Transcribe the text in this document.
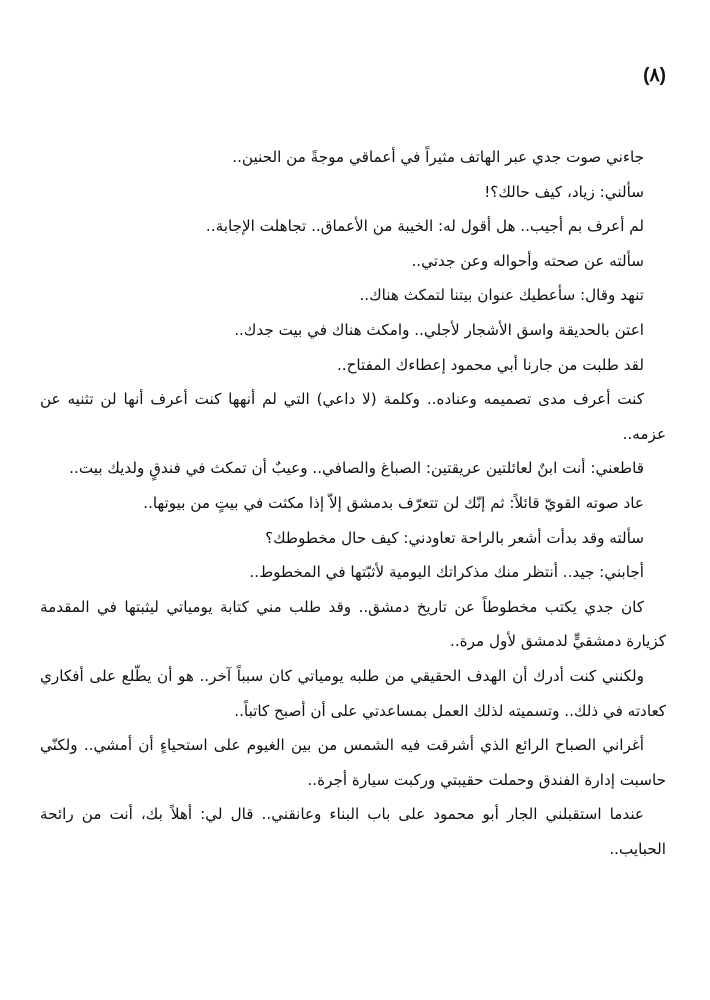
(٨)

جاءني صوت جدي عبر الهاتف مثيراً في أعماقي موجةً من الحنين..

سألني: زياد، كيف حالك؟!

لم أعرف بم أجيب.. هل أقول له: الخيبة من الأعماق.. تجاهلت الإجابة..

سألته عن صحته وأحواله وعن جدتي..

تنهد وقال: سأعطيك عنوان بيتنا لتمكث هناك..

اعتن بالحديقة واسق الأشجار لأجلي.. وامكث هناك في بيت جدك..

لقد طلبت من جارنا أبي محمود إعطاءك المفتاح..

كنت أعرف مدى تصميمه وعناده.. وكلمة (لا داعي) التي لم أنهها كنت أعرف أنها لن تثنيه عن عزمه..

قاطعني: أنت ابنٌ لعائلتين عريقتين: الصباغ والصافي.. وعيبٌ أن تمكث في فندقٍ ولديك بيت..

عاد صوته القويّ قائلاً: ثم إنّك لن تتعرّف بدمشق إلاّ إذا مكثت في بيتٍ من بيوتها..

سألته وقد بدأت أشعر بالراحة تعاودني: كيف حال مخطوطك؟

أجابني: جيد.. أنتظر منك مذكراتك اليومية لأثبّتها في المخطوط..

كان جدي يكتب مخطوطاً عن تاريخ دمشق.. وقد طلب مني كتابة يومياتي ليثبتها في المقدمة كزيارة دمشقيٍّ لدمشق لأول مرة..

ولكنني كنت أدرك أن الهدف الحقيقي من طلبه يومياتي كان سبباً آخر.. هو أن يطّلع على أفكاري كعادته في ذلك.. وتسميته لذلك العمل بمساعدتي على أن أصبح كاتباً..

أغراني الصباح الرائع الذي أشرقت فيه الشمس من بين الغيوم على استحياءٍ أن أمشي.. ولكنّي حاسبت إدارة الفندق وحملت حقيبتي وركبت سيارة أجرة..

عندما استقبلني الجار أبو محمود على باب البناء وعانقني.. قال لي: أهلاً بك، أنت من رائحة الحبايب..
